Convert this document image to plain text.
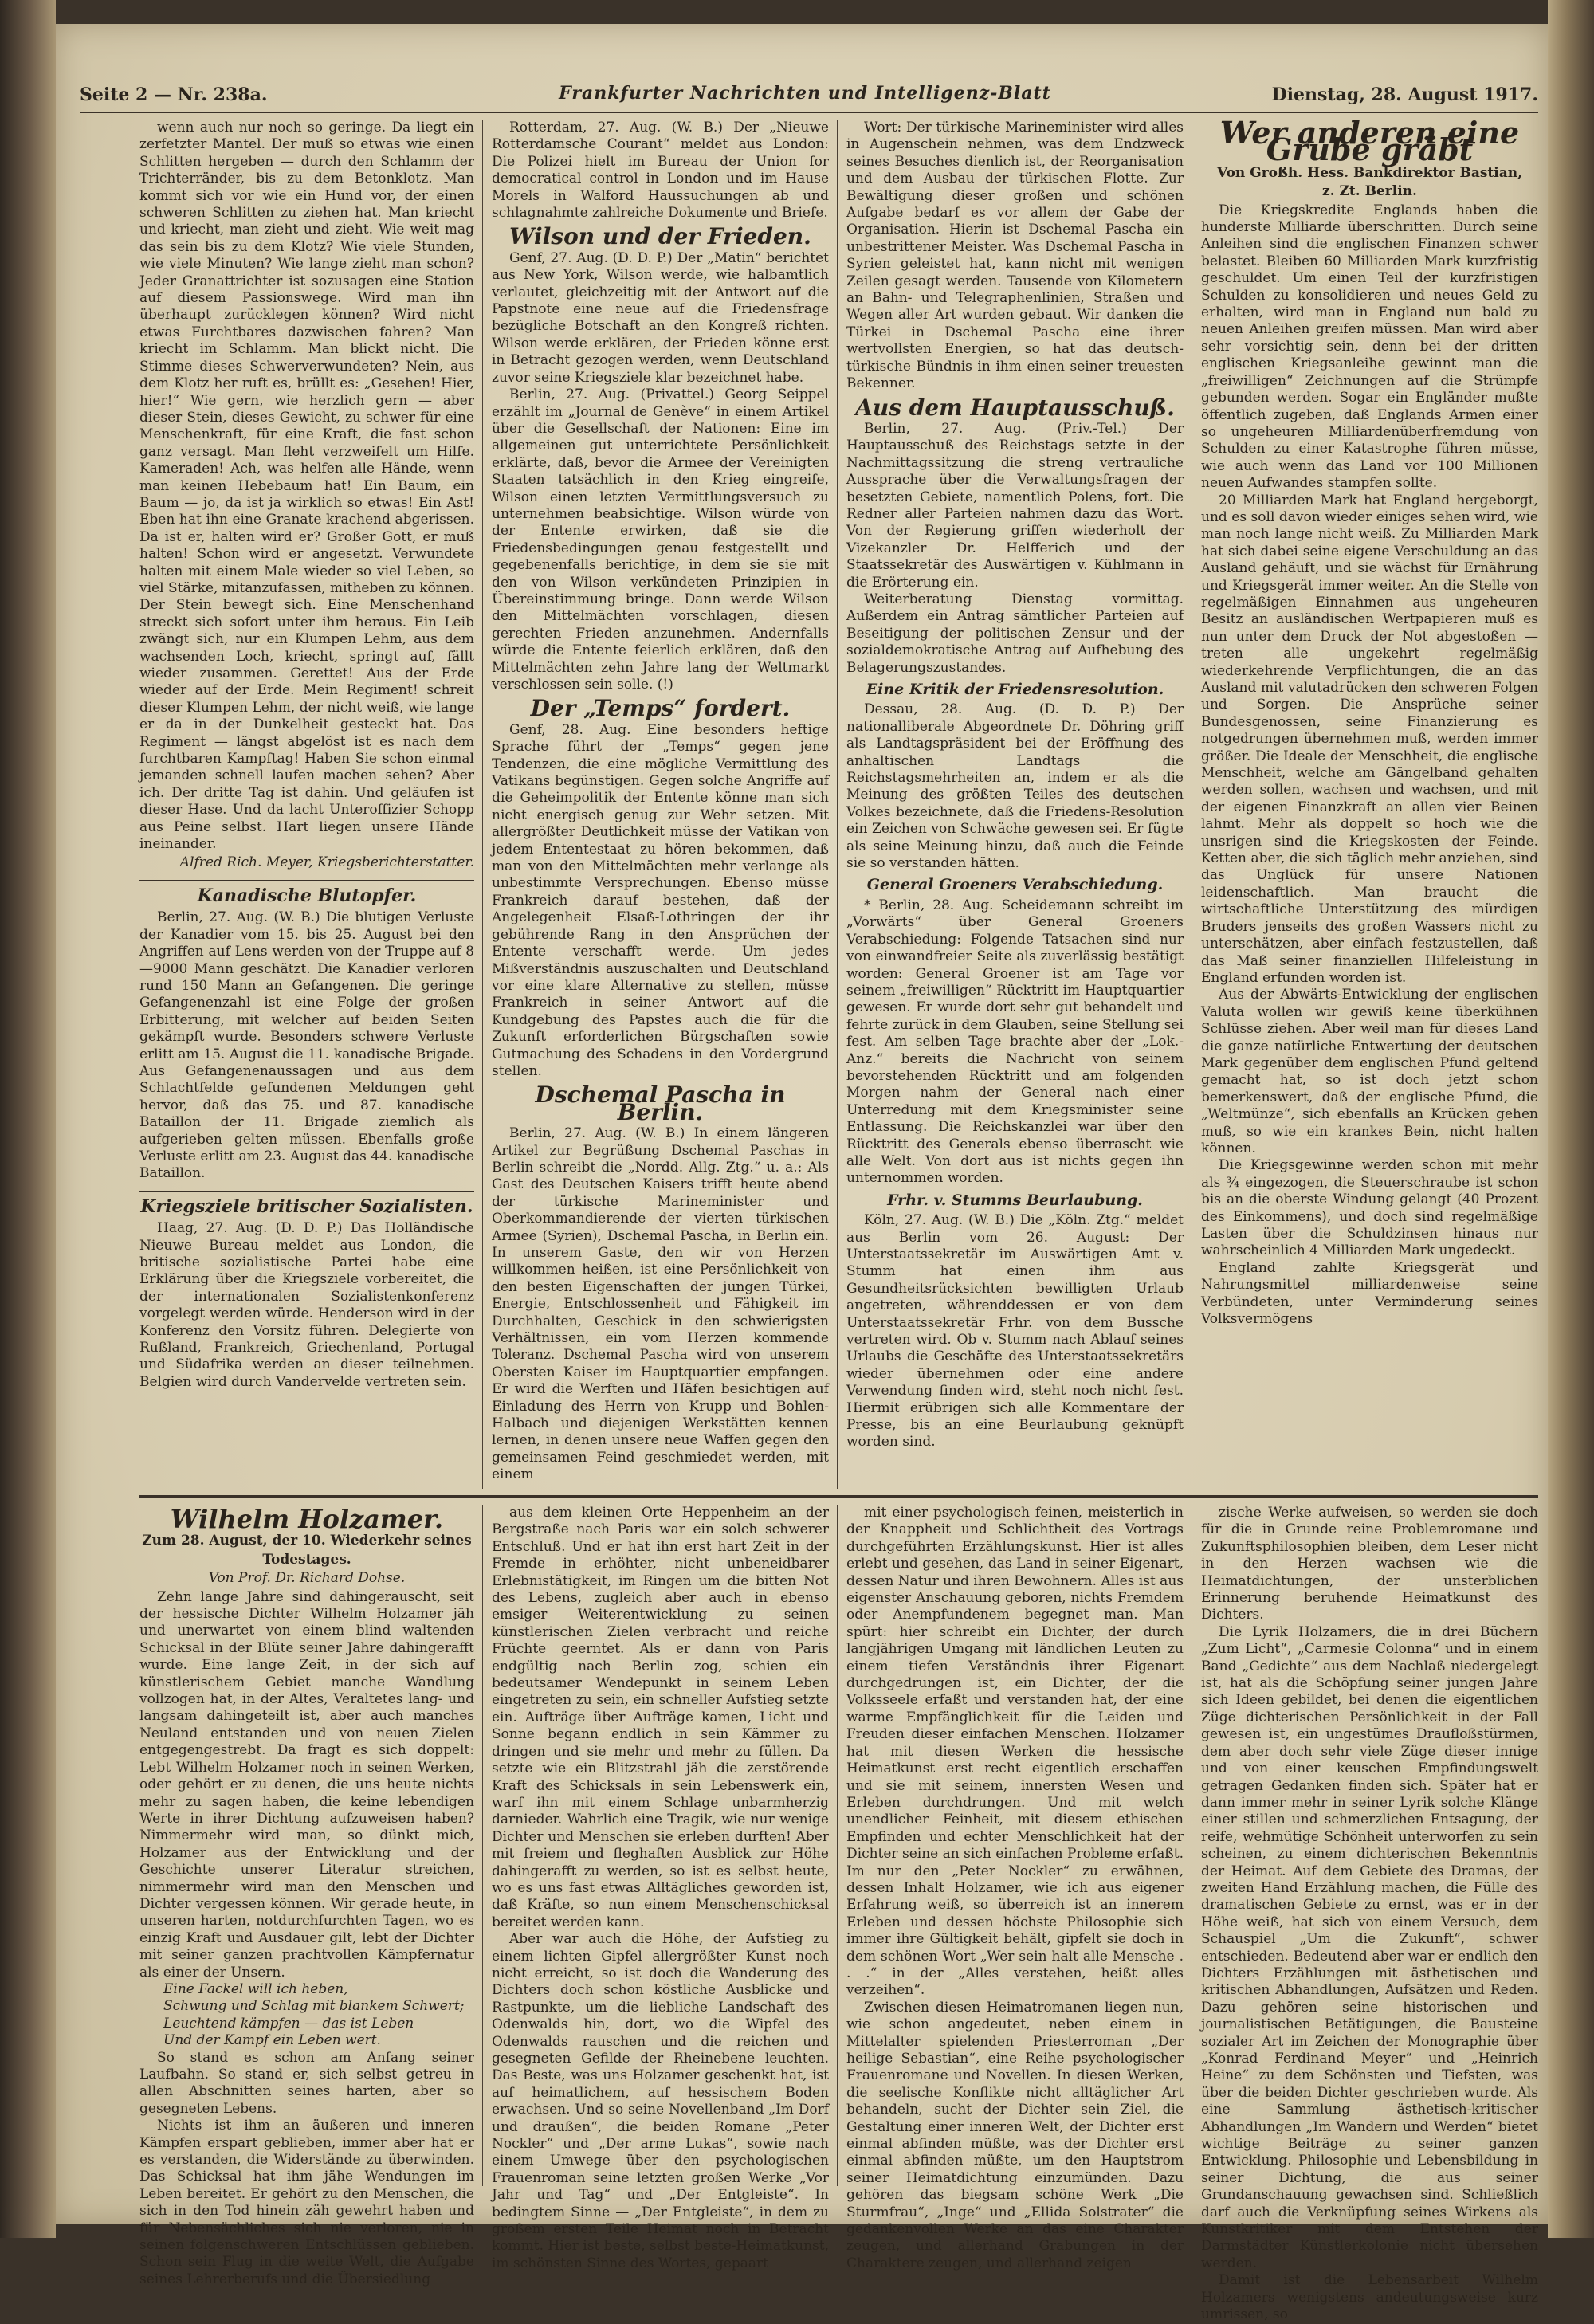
Seite 2 — Nr. 238a.	Frankfurter Nachrichten und Intelligenz-Blatt	Dienstag, 28. August 1917.

wenn auch nur noch so geringe. Da liegt ein zerfetzter Mantel. Der muß so etwas wie einen Schlitten hergeben — durch den Schlamm der Trichterränder, bis zu dem Betonklotz. Man kommt sich vor wie ein Hund vor, der einen schweren Schlitten zu ziehen hat. Man kriecht und kriecht, man zieht und zieht. Wie weit mag das sein bis zu dem Klotz? Wie viele Stunden, wie viele Minuten? Wie lange zieht man schon? Jeder Granattrichter ist sozusagen eine Station auf diesem Passionswege. Wird man ihn überhaupt zurücklegen können? Wird nicht etwas Furchtbares dazwischen fahren? Man kriecht im Schlamm. Man blickt nicht. Die Stimme dieses Schwerverwundeten? Nein, aus dem Klotz her ruft es, brüllt es: „Gesehen! Hier, hier!“ Wie gern, wie herzlich gern — aber dieser Stein, dieses Gewicht, zu schwer für eine Menschenkraft, für eine Kraft, die fast schon ganz versagt. Man fleht verzweifelt um Hilfe. Kameraden! Ach, was helfen alle Hände, wenn man keinen Hebebaum hat! Ein Baum, ein Baum — jo, da ist ja wirklich so etwas! Ein Ast! Eben hat ihn eine Granate krachend abgerissen. Da ist er, halten wird er? Großer Gott, er muß halten! Schon wird er angesetzt. Verwundete halten mit einem Male wieder so viel Leben, so viel Stärke, mitanzufassen, mitheben zu können. Der Stein bewegt sich. Eine Menschenhand streckt sich sofort unter ihm heraus. Ein Leib zwängt sich, nur ein Klumpen Lehm, aus dem wachsenden Loch, kriecht, springt auf, fällt wieder zusammen. Gerettet! Aus der Erde wieder auf der Erde. Mein Regiment! schreit dieser Klumpen Lehm, der nicht weiß, wie lange er da in der Dunkelheit gesteckt hat. Das Regiment — längst abgelöst ist es nach dem furchtbaren Kampftag! Haben Sie schon einmal jemanden schnell laufen machen sehen? Aber ich. Der dritte Tag ist dahin. Und geläufen ist dieser Hase. Und da lacht Unteroffizier Schopp aus Peine selbst. Hart liegen unsere Hände ineinander.

Alfred Rich. Meyer, Kriegsberichterstatter.
Kanadische Blutopfer.

Berlin, 27. Aug. (W. B.) Die blutigen Verluste der Kanadier vom 15. bis 25. August bei den Angriffen auf Lens werden von der Truppe auf 8—9000 Mann geschätzt. Die Kanadier verloren rund 150 Mann an Gefangenen. Die geringe Gefangenenzahl ist eine Folge der großen Erbitterung, mit welcher auf beiden Seiten gekämpft wurde. Besonders schwere Verluste erlitt am 15. August die 11. kanadische Brigade. Aus Gefangenenaussagen und aus dem Schlachtfelde gefundenen Meldungen geht hervor, daß das 75. und 87. kanadische Bataillon der 11. Brigade ziemlich als aufgerieben gelten müssen. Ebenfalls große Verluste erlitt am 23. August das 44. kanadische Bataillon.

Kriegsziele britischer Sozialisten.

Haag, 27. Aug. (D. D. P.) Das Holländische Nieuwe Bureau meldet aus London, die britische sozialistische Partei habe eine Erklärung über die Kriegsziele vorbereitet, die der internationalen Sozialistenkonferenz vorgelegt werden würde. Henderson wird in der Konferenz den Vorsitz führen. Delegierte von Rußland, Frankreich, Griechenland, Portugal und Südafrika werden an dieser teilnehmen. Belgien wird durch Vandervelde vertreten sein.

Rotterdam, 27. Aug. (W. B.) Der „Nieuwe Rotterdamsche Courant“ meldet aus London: Die Polizei hielt im Bureau der Union for democratical control in London und im Hause Morels in Walford Haussuchungen ab und schlagnahmte zahlreiche Dokumente und Briefe.

Wilson und der Frieden.

Genf, 27. Aug. (D. D. P.) Der „Matin“ berichtet aus New York, Wilson werde, wie halbamtlich verlautet, gleichzeitig mit der Antwort auf die Papstnote eine neue auf die Friedensfrage bezügliche Botschaft an den Kongreß richten. Wilson werde erklären, der Frieden könne erst in Betracht gezogen werden, wenn Deutschland zuvor seine Kriegsziele klar bezeichnet habe.

Berlin, 27. Aug. (Privattel.) Georg Seippel erzählt im „Journal de Genève“ in einem Artikel über die Gesellschaft der Nationen: Eine im allgemeinen gut unterrichtete Persönlichkeit erklärte, daß, bevor die Armee der Vereinigten Staaten tatsächlich in den Krieg eingreife, Wilson einen letzten Vermittlungsversuch zu unternehmen beabsichtige. Wilson würde von der Entente erwirken, daß sie die Friedensbedingungen genau festgestellt und gegebenenfalls berichtige, in dem sie sie mit den von Wilson verkündeten Prinzipien in Übereinstimmung bringe. Dann werde Wilson den Mittelmächten vorschlagen, diesen gerechten Frieden anzunehmen. Andernfalls würde die Entente feierlich erklären, daß den Mittelmächten zehn Jahre lang der Weltmarkt verschlossen sein solle. (!)

Der „Temps“ fordert.

Genf, 28. Aug. Eine besonders heftige Sprache führt der „Temps“ gegen jene Tendenzen, die eine mögliche Vermittlung des Vatikans begünstigen. Gegen solche Angriffe auf die Geheimpolitik der Entente könne man sich nicht energisch genug zur Wehr setzen. Mit allergrößter Deutlichkeit müsse der Vatikan von jedem Ententestaat zu hören bekommen, daß man von den Mittelmächten mehr verlange als unbestimmte Versprechungen. Ebenso müsse Frankreich darauf bestehen, daß der Angelegenheit Elsaß-Lothringen der ihr gebührende Rang in den Ansprüchen der Entente verschafft werde. Um jedes Mißverständnis auszuschalten und Deutschland vor eine klare Alternative zu stellen, müsse Frankreich in seiner Antwort auf die Kundgebung des Papstes auch die für die Zukunft erforderlichen Bürgschaften sowie Gutmachung des Schadens in den Vordergrund stellen.

Dschemal Pascha in Berlin.

Berlin, 27. Aug. (W. B.) In einem längeren Artikel zur Begrüßung Dschemal Paschas in Berlin schreibt die „Nordd. Allg. Ztg.“ u. a.: Als Gast des Deutschen Kaisers trifft heute abend der türkische Marineminister und Oberkommandierende der vierten türkischen Armee (Syrien), Dschemal Pascha, in Berlin ein. In unserem Gaste, den wir von Herzen willkommen heißen, ist eine Persönlichkeit von den besten Eigenschaften der jungen Türkei, Energie, Entschlossenheit und Fähigkeit im Durchhalten, Geschick in den schwierigsten Verhältnissen, ein vom Herzen kommende Toleranz. Dschemal Pascha wird von unserem Obersten Kaiser im Hauptquartier empfangen. Er wird die Werften und Häfen besichtigen auf Einladung des Herrn von Krupp und Bohlen-Halbach und diejenigen Werkstätten kennen lernen, in denen unsere neue Waffen gegen den gemeinsamen Feind geschmiedet werden, mit einem

Wort: Der türkische Marineminister wird alles in Augenschein nehmen, was dem Endzweck seines Besuches dienlich ist, der Reorganisation und dem Ausbau der türkischen Flotte. Zur Bewältigung dieser großen und schönen Aufgabe bedarf es vor allem der Gabe der Organisation. Hierin ist Dschemal Pascha ein unbestrittener Meister. Was Dschemal Pascha in Syrien geleistet hat, kann nicht mit wenigen Zeilen gesagt werden. Tausende von Kilometern an Bahn- und Telegraphenlinien, Straßen und Wegen aller Art wurden gebaut. Wir danken die Türkei in Dschemal Pascha eine ihrer wertvollsten Energien, so hat das deutsch-türkische Bündnis in ihm einen seiner treuesten Bekenner.

Aus dem Hauptausschuß.

Berlin, 27. Aug. (Priv.-Tel.) Der Hauptausschuß des Reichstags setzte in der Nachmittagssitzung die streng vertrauliche Aussprache über die Verwaltungsfragen der besetzten Gebiete, namentlich Polens, fort. Die Redner aller Parteien nahmen dazu das Wort. Von der Regierung griffen wiederholt der Vizekanzler Dr. Helfferich und der Staatssekretär des Auswärtigen v. Kühlmann in die Erörterung ein.

Weiterberatung Dienstag vormittag. Außerdem ein Antrag sämtlicher Parteien auf Beseitigung der politischen Zensur und der sozialdemokratische Antrag auf Aufhebung des Belagerungszustandes.

Eine Kritik der Friedensresolution.

Dessau, 28. Aug. (D. D. P.) Der nationalliberale Abgeordnete Dr. Döhring griff als Landtagspräsident bei der Eröffnung des anhaltischen Landtags die Reichstagsmehrheiten an, indem er als die Meinung des größten Teiles des deutschen Volkes bezeichnete, daß die Friedens-Resolution ein Zeichen von Schwäche gewesen sei. Er fügte als seine Meinung hinzu, daß auch die Feinde sie so verstanden hätten.

General Groeners Verabschiedung.

* Berlin, 28. Aug. Scheidemann schreibt im „Vorwärts“ über General Groeners Verabschiedung: Folgende Tatsachen sind nur von einwandfreier Seite als zuverlässig bestätigt worden: General Groener ist am Tage vor seinem „freiwilligen“ Rücktritt im Hauptquartier gewesen. Er wurde dort sehr gut behandelt und fehrte zurück in dem Glauben, seine Stellung sei fest. Am selben Tage brachte aber der „Lok.-Anz.“ bereits die Nachricht von seinem bevorstehenden Rücktritt und am folgenden Morgen nahm der General nach einer Unterredung mit dem Kriegsminister seine Entlassung. Die Reichskanzlei war über den Rücktritt des Generals ebenso überrascht wie alle Welt. Von dort aus ist nichts gegen ihn unternommen worden.

Frhr. v. Stumms Beurlaubung.

Köln, 27. Aug. (W. B.) Die „Köln. Ztg.“ meldet aus Berlin vom 26. August: Der Unterstaatssekretär im Auswärtigen Amt v. Stumm hat einen ihm aus Gesundheitsrücksichten bewilligten Urlaub angetreten, währenddessen er von dem Unterstaatssekretär Frhr. von dem Bussche vertreten wird. Ob v. Stumm nach Ablauf seines Urlaubs die Geschäfte des Unterstaatssekretärs wieder übernehmen oder eine andere Verwendung finden wird, steht noch nicht fest. Hiermit erübrigen sich alle Kommentare der Presse, bis an eine Beurlaubung geknüpft worden sind.

Wer anderen eine Grube gräbt
Von Großh. Hess. Bankdirektor Bastian,
z. Zt. Berlin.

Die Kriegskredite Englands haben die hunderste Milliarde überschritten. Durch seine Anleihen sind die englischen Finanzen schwer belastet. Bleiben 60 Milliarden Mark kurzfristig geschuldet. Um einen Teil der kurzfristigen Schulden zu konsolidieren und neues Geld zu erhalten, wird man in England nun bald zu neuen Anleihen greifen müssen. Man wird aber sehr vorsichtig sein, denn bei der dritten englischen Kriegsanleihe gewinnt man die „freiwilligen“ Zeichnungen auf die Strümpfe gebunden werden. Sogar ein Engländer mußte öffentlich zugeben, daß Englands Armen einer so ungeheuren Milliardenüberfremdung von Schulden zu einer Katastrophe führen müsse, wie auch wenn das Land vor 100 Millionen neuen Aufwandes stampfen sollte.

20 Milliarden Mark hat England hergeborgt, und es soll davon wieder einiges sehen wird, wie man noch lange nicht weiß. Zu Milliarden Mark hat sich dabei seine eigene Verschuldung an das Ausland gehäuft, und sie wächst für Ernährung und Kriegsgerät immer weiter. An die Stelle von regelmäßigen Einnahmen aus ungeheuren Besitz an ausländischen Wertpapieren muß es nun unter dem Druck der Not abgestoßen — treten alle ungekehrt regelmäßig wiederkehrende Verpflichtungen, die an das Ausland mit valutadrücken den schweren Folgen und Sorgen. Die Ansprüche seiner Bundesgenossen, seine Finanzierung es notgedrungen übernehmen muß, werden immer größer. Die Ideale der Menschheit, die englische Menschheit, welche am Gängelband gehalten werden sollen, wachsen und wachsen, und mit der eigenen Finanzkraft an allen vier Beinen lahmt. Mehr als doppelt so hoch wie die unsrigen sind die Kriegskosten der Feinde. Ketten aber, die sich täglich mehr anziehen, sind das Unglück für unsere Nationen leidenschaftlich. Man braucht die wirtschaftliche Unterstützung des mürdigen Bruders jenseits des großen Wassers nicht zu unterschätzen, aber einfach festzustellen, daß das Maß seiner finanziellen Hilfeleistung in England erfunden worden ist.

Aus der Abwärts-Entwicklung der englischen Valuta wollen wir gewiß keine überkühnen Schlüsse ziehen. Aber weil man für dieses Land die ganze natürliche Entwertung der deutschen Mark gegenüber dem englischen Pfund geltend gemacht hat, so ist doch jetzt schon bemerkenswert, daß der englische Pfund, die „Weltmünze“, sich ebenfalls an Krücken gehen muß, so wie ein krankes Bein, nicht halten können.

Die Kriegsgewinne werden schon mit mehr als ¾ eingezogen, die Steuerschraube ist schon bis an die oberste Windung gelangt (40 Prozent des Einkommens), und doch sind regelmäßige Lasten über die Schuldzinsen hinaus nur wahrscheinlich 4 Milliarden Mark ungedeckt.

England zahlte Kriegsgerät und Nahrungsmittel milliardenweise seine Verbündeten, unter Verminderung seines Volksvermögens

Wilhelm Holzamer.
Zum 28. August, der 10. Wiederkehr seines
Todestages.
Von Prof. Dr. Richard Dohse.

Zehn lange Jahre sind dahingerauscht, seit der hessische Dichter Wilhelm Holzamer jäh und unerwartet von einem blind waltenden Schicksal in der Blüte seiner Jahre dahingerafft wurde. Eine lange Zeit, in der sich auf künstlerischem Gebiet manche Wandlung vollzogen hat, in der Altes, Veraltetes lang- und langsam dahingeteilt ist, aber auch manches Neuland entstanden und von neuen Zielen entgegengestrebt. Da fragt es sich doppelt: Lebt Wilhelm Holzamer noch in seinen Werken, oder gehört er zu denen, die uns heute nichts mehr zu sagen haben, die keine lebendigen Werte in ihrer Dichtung aufzuweisen haben? Nimmermehr wird man, so dünkt mich, Holzamer aus der Entwicklung und der Geschichte unserer Literatur streichen, nimmermehr wird man den Menschen und Dichter vergessen können. Wir gerade heute, in unseren harten, notdurchfurchten Tagen, wo es einzig Kraft und Ausdauer gilt, lebt der Dichter mit seiner ganzen prachtvollen Kämpfernatur als einer der Unsern.

Eine Fackel will ich heben,

Schwung und Schlag mit blankem Schwert;

Leuchtend kämpfen — das ist Leben

Und der Kampf ein Leben wert.

So stand es schon am Anfang seiner Laufbahn. So stand er, sich selbst getreu in allen Abschnitten seines harten, aber so gesegneten Lebens.

Nichts ist ihm an äußeren und inneren Kämpfen erspart geblieben, immer aber hat er es verstanden, die Widerstände zu überwinden. Das Schicksal hat ihm jähe Wendungen im Leben bereitet. Er gehört zu den Menschen, die sich in den Tod hinein zäh gewehrt haben und für Nebensächliches sich nie verloren, nie in seinen folgenschweren Entschlüssen geblieben. Schon sein Flug in die weite Welt, die Aufgabe seines Lehrerberufs und die Übersiedlung

aus dem kleinen Orte Heppenheim an der Bergstraße nach Paris war ein solch schwerer Entschluß. Und er hat ihn erst hart Zeit in der Fremde in erhöhter, nicht unbeneidbarer Erlebnistätigkeit, im Ringen um die bitten Not des Lebens, zugleich aber auch in ebenso emsiger Weiterentwicklung zu seinen künstlerischen Zielen verbracht und reiche Früchte geerntet. Als er dann von Paris endgültig nach Berlin zog, schien ein bedeutsamer Wendepunkt in seinem Leben eingetreten zu sein, ein schneller Aufstieg setzte ein. Aufträge über Aufträge kamen, Licht und Sonne begann endlich in sein Kämmer zu dringen und sie mehr und mehr zu füllen. Da setzte wie ein Blitzstrahl jäh die zerstörende Kraft des Schicksals in sein Lebenswerk ein, warf ihn mit einem Schlage unbarmherzig darnieder. Wahrlich eine Tragik, wie nur wenige Dichter und Menschen sie erleben durften! Aber mit freiem und fleghaften Ausblick zur Höhe dahingerafft zu werden, so ist es selbst heute, wo es uns fast etwas Alltägliches geworden ist, daß Kräfte, so nun einem Menschenschicksal bereitet werden kann.

Aber war auch die Höhe, der Aufstieg zu einem lichten Gipfel allergrößter Kunst noch nicht erreicht, so ist doch die Wanderung des Dichters doch schon köstliche Ausblicke und Rastpunkte, um die liebliche Landschaft des Odenwalds hin, dort, wo die Wipfel des Odenwalds rauschen und die reichen und gesegneten Gefilde der Rheinebene leuchten. Das Beste, was uns Holzamer geschenkt hat, ist auf heimatlichem, auf hessischem Boden erwachsen. Und so seine Novellenband „Im Dorf und draußen“, die beiden Romane „Peter Nockler“ und „Der arme Lukas“, sowie nach einem Umwege über den psychologischen Frauenroman seine letzten großen Werke „Vor Jahr und Tag“ und „Der Entgleiste“. In bedingtem Sinne — „Der Entgleiste“, in dem zu großem ersten Teile Heimat noch in Betracht kommt. Hier ist beste, selbst beste-Heimatkunst, im schönsten Sinne des Wortes, gepaart

mit einer psychologisch feinen, meisterlich in der Knappheit und Schlichtheit des Vortrags durchgeführten Erzählungskunst. Hier ist alles erlebt und gesehen, das Land in seiner Eigenart, dessen Natur und ihren Bewohnern. Alles ist aus eigenster Anschauung geboren, nichts Fremdem oder Anempfundenem begegnet man. Man spürt: hier schreibt ein Dichter, der durch langjährigen Umgang mit ländlichen Leuten zu einem tiefen Verständnis ihrer Eigenart durchgedrungen ist, ein Dichter, der die Volksseele erfaßt und verstanden hat, der eine warme Empfänglichkeit für die Leiden und Freuden dieser einfachen Menschen. Holzamer hat mit diesen Werken die hessische Heimatkunst erst recht eigentlich erschaffen und sie mit seinem, innersten Wesen und Erleben durchdrungen. Und mit welch unendlicher Feinheit, mit diesem ethischen Empfinden und echter Menschlichkeit hat der Dichter seine an sich einfachen Probleme erfaßt. Im nur den „Peter Nockler“ zu erwähnen, dessen Inhalt Holzamer, wie ich aus eigener Erfahrung weiß, so überreich ist an innerem Erleben und dessen höchste Philosophie sich immer ihre Gültigkeit behält, gipfelt sie doch in dem schönen Wort „Wer sein halt alle Mensche . . .“ in der „Alles verstehen, heißt alles verzeihen“.

Zwischen diesen Heimatromanen liegen nun, wie schon angedeutet, neben einem in Mittelalter spielenden Priesterroman „Der heilige Sebastian“, eine Reihe psychologischer Frauenromane und Novellen. In diesen Werken, die seelische Konflikte nicht alltäglicher Art behandeln, sucht der Dichter sein Ziel, die Gestaltung einer inneren Welt, der Dichter erst einmal abfinden müßte, was der Dichter erst einmal abfinden müßte, um den Hauptstrom seiner Heimatdichtung einzumünden. Dazu gehören das biegsam schöne Werk „Die Sturmfrau“, „Inge“ und „Ellida Solstrater“ die gedankenvollen Werke an das eine Charakter zeugen, und allerhand Grabungen in der Charaktere zeugen, und allerhand zeigen

zische Werke aufweisen, so werden sie doch für die in Grunde reine Problemromane und Zukunftsphilosophien bleiben, dem Leser nicht in den Herzen wachsen wie die Heimatdichtungen, der unsterblichen Erinnerung beruhende Heimatkunst des Dichters.

Die Lyrik Holzamers, die in drei Büchern „Zum Licht“, „Carmesie Colonna“ und in einem Band „Gedichte“ aus dem Nachlaß niedergelegt ist, hat als die Schöpfung seiner jungen Jahre sich Ideen gebildet, bei denen die eigentlichen Züge dichterischen Persönlichkeit in der Fall gewesen ist, ein ungestümes Draufloßstürmen, dem aber doch sehr viele Züge dieser innige und von einer keuschen Empfindungswelt getragen Gedanken finden sich. Später hat er dann immer mehr in seiner Lyrik solche Klänge einer stillen und schmerzlichen Entsagung, der reife, wehmütige Schönheit unterworfen zu sein scheinen, zu einem dichterischen Bekenntnis der Heimat. Auf dem Gebiete des Dramas, der zweiten Hand Erzählung machen, die Fülle des dramatischen Gebiete zu ernst, was er in der Höhe weiß, hat sich von einem Versuch, dem Schauspiel „Um die Zukunft“, schwer entschieden. Bedeutend aber war er endlich den Dichters Erzählungen mit ästhetischen und kritischen Abhandlungen, Aufsätzen und Reden. Dazu gehören seine historischen und journalistischen Betätigungen, die Bausteine sozialer Art im Zeichen der Monographie über „Konrad Ferdinand Meyer“ und „Heinrich Heine“ zu dem Schönsten und Tiefsten, was über die beiden Dichter geschrieben wurde. Als eine Sammlung ästhetisch-kritischer Abhandlungen „Im Wandern und Werden“ bietet wichtige Beiträge zu seiner ganzen Entwicklung. Philosophie und Lebensbildung in seiner Dichtung, die aus seiner Grundanschauung gewachsen sind. Schließlich darf auch die Verknüpfung seines Wirkens als Kunstkritiker mit dem Entstehen der Darmstädter Künstlerkolonie nicht übersehen werden.

Damit ist die Lebensarbeit Wilhelm Holzamers wenigstens andeutungsweise kurz umrissen, so
